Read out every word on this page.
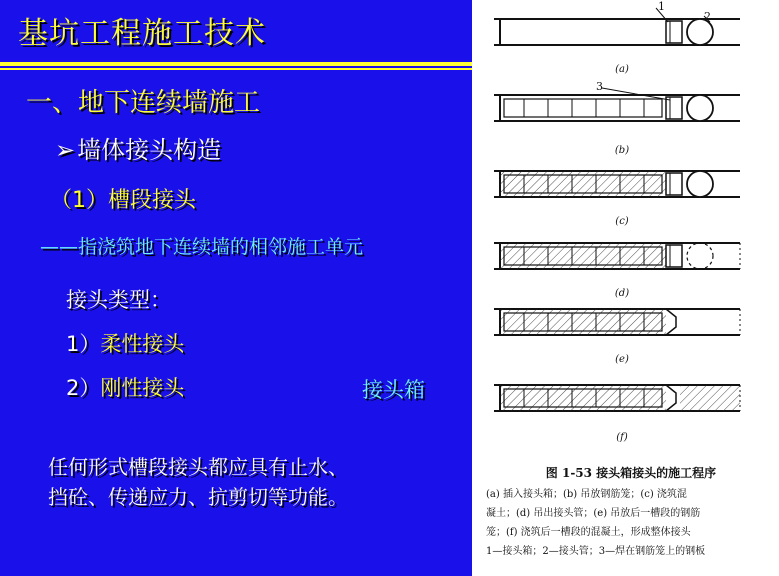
基坑工程施工技术
一、地下连续墙施工
➢墙体接头构造
（1）槽段接头
——指浇筑地下连续墙的相邻施工单元
接头类型：
1）柔性接头
2）刚性接头	接头箱
任何形式槽段接头都应具有止水、
挡砼、传递应力、抗剪切等功能。
(a)
(b)
(c)
(d)
(e)
(f)
1
2
3
图 1-53 接头箱接头的施工程序
(a) 插入接头箱；(b) 吊放钢筋笼；(c) 浇筑混
凝土；(d) 吊出接头管；(e) 吊放后一槽段的钢筋
笼；(f) 浇筑后一槽段的混凝土，形成整体接头
1—接头箱；2—接头管；3—焊在钢筋笼上的钢板
